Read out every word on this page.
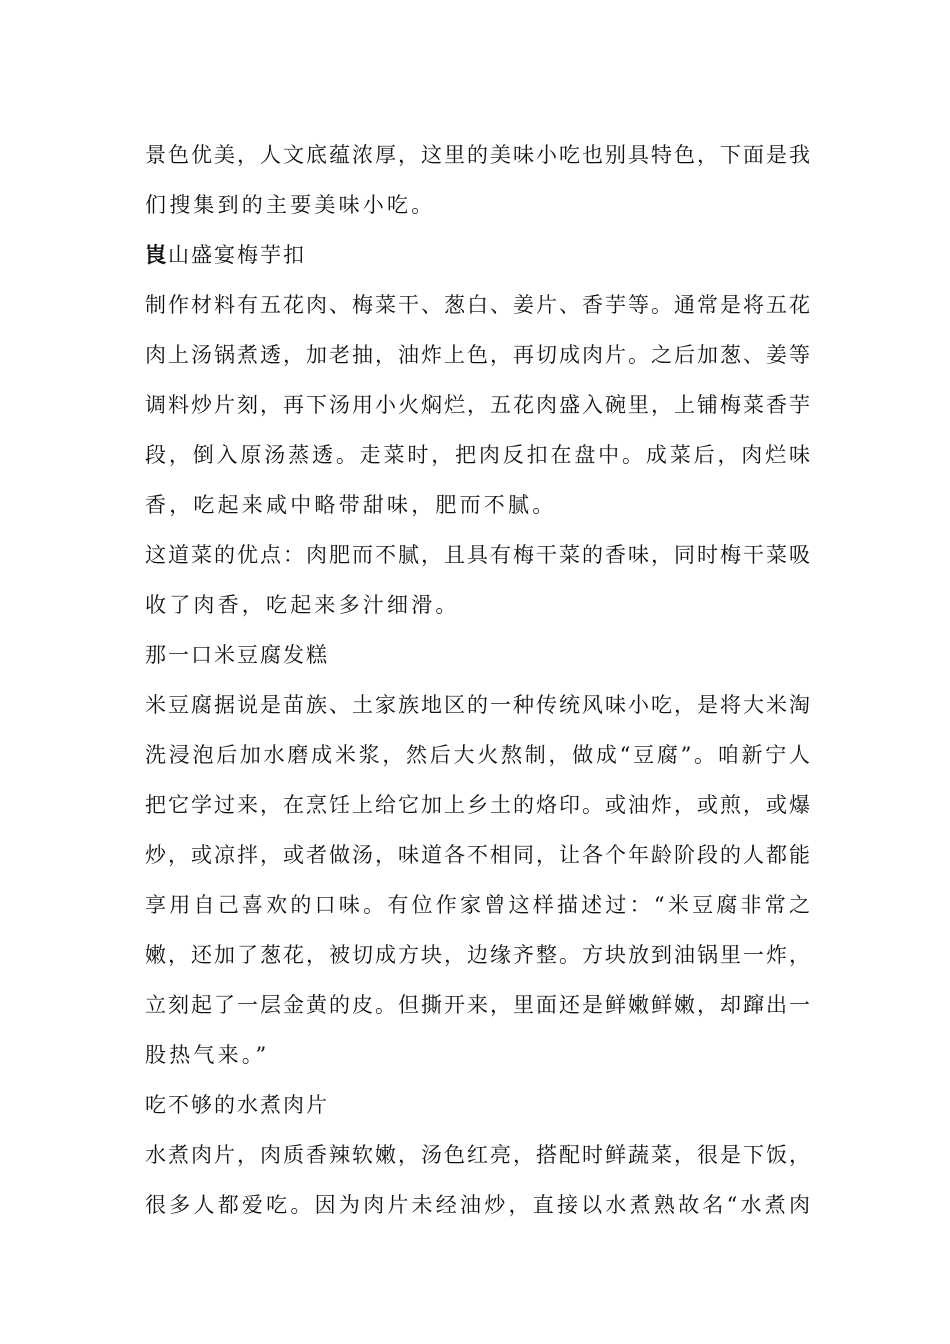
景色优美，人文底蕴浓厚，这里的美味小吃也别具特色，下面是我
们搜集到的主要美味小吃。
崀山盛宴梅芋扣
制作材料有五花肉、梅菜干、葱白、姜片、香芋等。通常是将五花
肉上汤锅煮透，加老抽，油炸上色，再切成肉片。之后加葱、姜等
调料炒片刻，再下汤用小火焖烂，五花肉盛入碗里，上铺梅菜香芋
段，倒入原汤蒸透。走菜时，把肉反扣在盘中。成菜后，肉烂味
香，吃起来咸中略带甜味，肥而不腻。
这道菜的优点：肉肥而不腻，且具有梅干菜的香味，同时梅干菜吸
收了肉香，吃起来多汁细滑。
那一口米豆腐发糕
米豆腐据说是苗族、土家族地区的一种传统风味小吃，是将大米淘
洗浸泡后加水磨成米浆，然后大火熬制，做成“豆腐”。咱新宁人
把它学过来，在烹饪上给它加上乡土的烙印。或油炸，或煎，或爆
炒，或凉拌，或者做汤，味道各不相同，让各个年龄阶段的人都能
享用自己喜欢的口味。有位作家曾这样描述过：“米豆腐非常之
嫩，还加了葱花，被切成方块，边缘齐整。方块放到油锅里一炸，
立刻起了一层金黄的皮。但撕开来，里面还是鲜嫩鲜嫩，却蹿出一
股热气来。”
吃不够的水煮肉片
水煮肉片，肉质香辣软嫩，汤色红亮，搭配时鲜蔬菜，很是下饭，
很多人都爱吃。因为肉片未经油炒，直接以水煮熟故名“水煮肉
